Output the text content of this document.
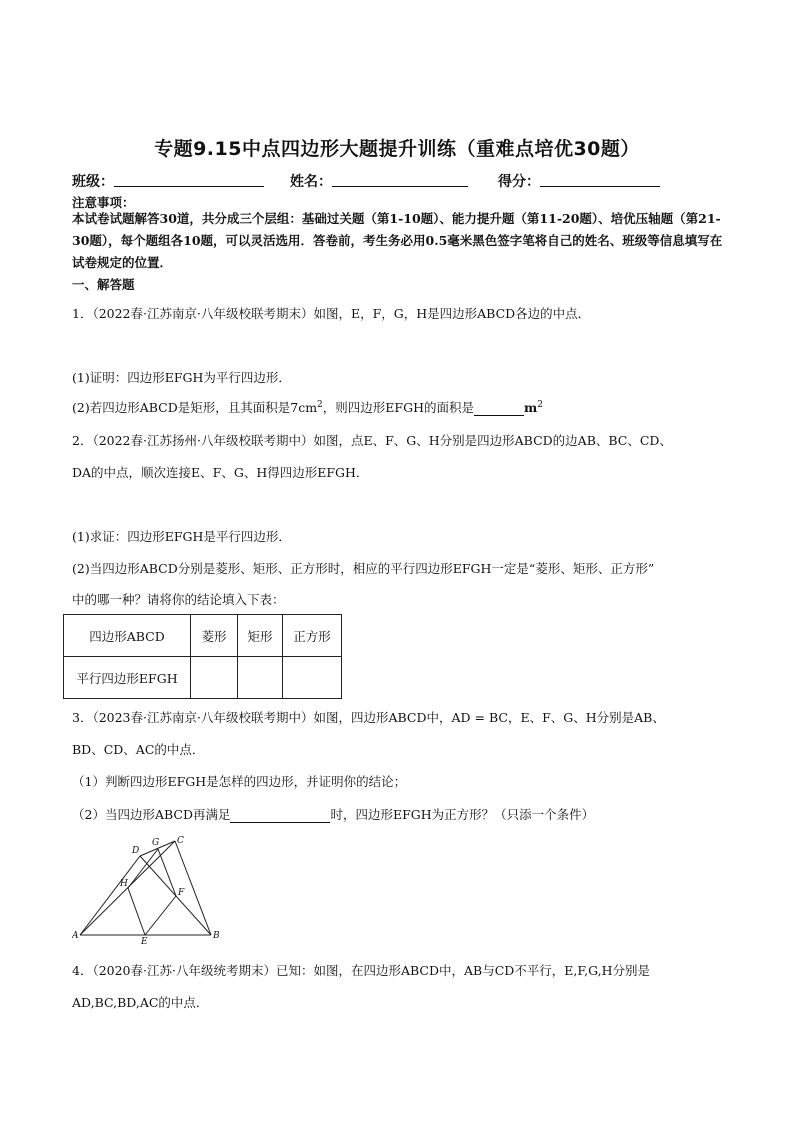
专题9.15中点四边形大题提升训练（重难点培优30题）
班级：	姓名：	得分：
注意事项：
本试卷试题解答30道，共分成三个层组：基础过关题（第1-10题）、能力提升题（第11-20题）、培优压轴题（第21-30题），每个题组各10题，可以灵活选用．答卷前，考生务必用0.5毫米黑色签字笔将自己的姓名、班级等信息填写在试卷规定的位置．
一、解答题
1．（2022春·江苏南京·八年级校联考期末）如图，E，F，G，H是四边形ABCD各边的中点．
(1)证明：四边形EFGH为平行四边形．
(2)若四边形ABCD是矩形，且其面积是$7cm^2$，则四边形EFGH的面积是	$m^2$
2．（2022春·江苏扬州·八年级校联考期中）如图，点E、F、G、H分别是四边形ABCD的边AB、BC、CD、
DA的中点，顺次连接E、F、G、H得四边形EFGH．
(1)求证：四边形EFGH是平行四边形．
(2)当四边形ABCD分别是菱形、矩形、正方形时，相应的平行四边形EFGH一定是“菱形、矩形、正方形”
中的哪一种？请将你的结论填入下表：
四边形ABCD	菱形	矩形	正方形
平行四边形EFGH			
3．（2023春·江苏南京·八年级校联考期中）如图，四边形ABCD中，AD = BC，E、F、G、H分别是AB、
BD、CD、AC的中点．
（1）判断四边形EFGH是怎样的四边形，并证明你的结论；
（2）当四边形ABCD再满足	时，四边形EFGH为正方形？（只添一个条件）
A	B
C
D
E
F
G
H
4．（2020春·江苏·八年级统考期末）已知：如图，在四边形ABCD中，AB与CD不平行，E,F,G,H分别是
AD,BC,BD,AC的中点．
